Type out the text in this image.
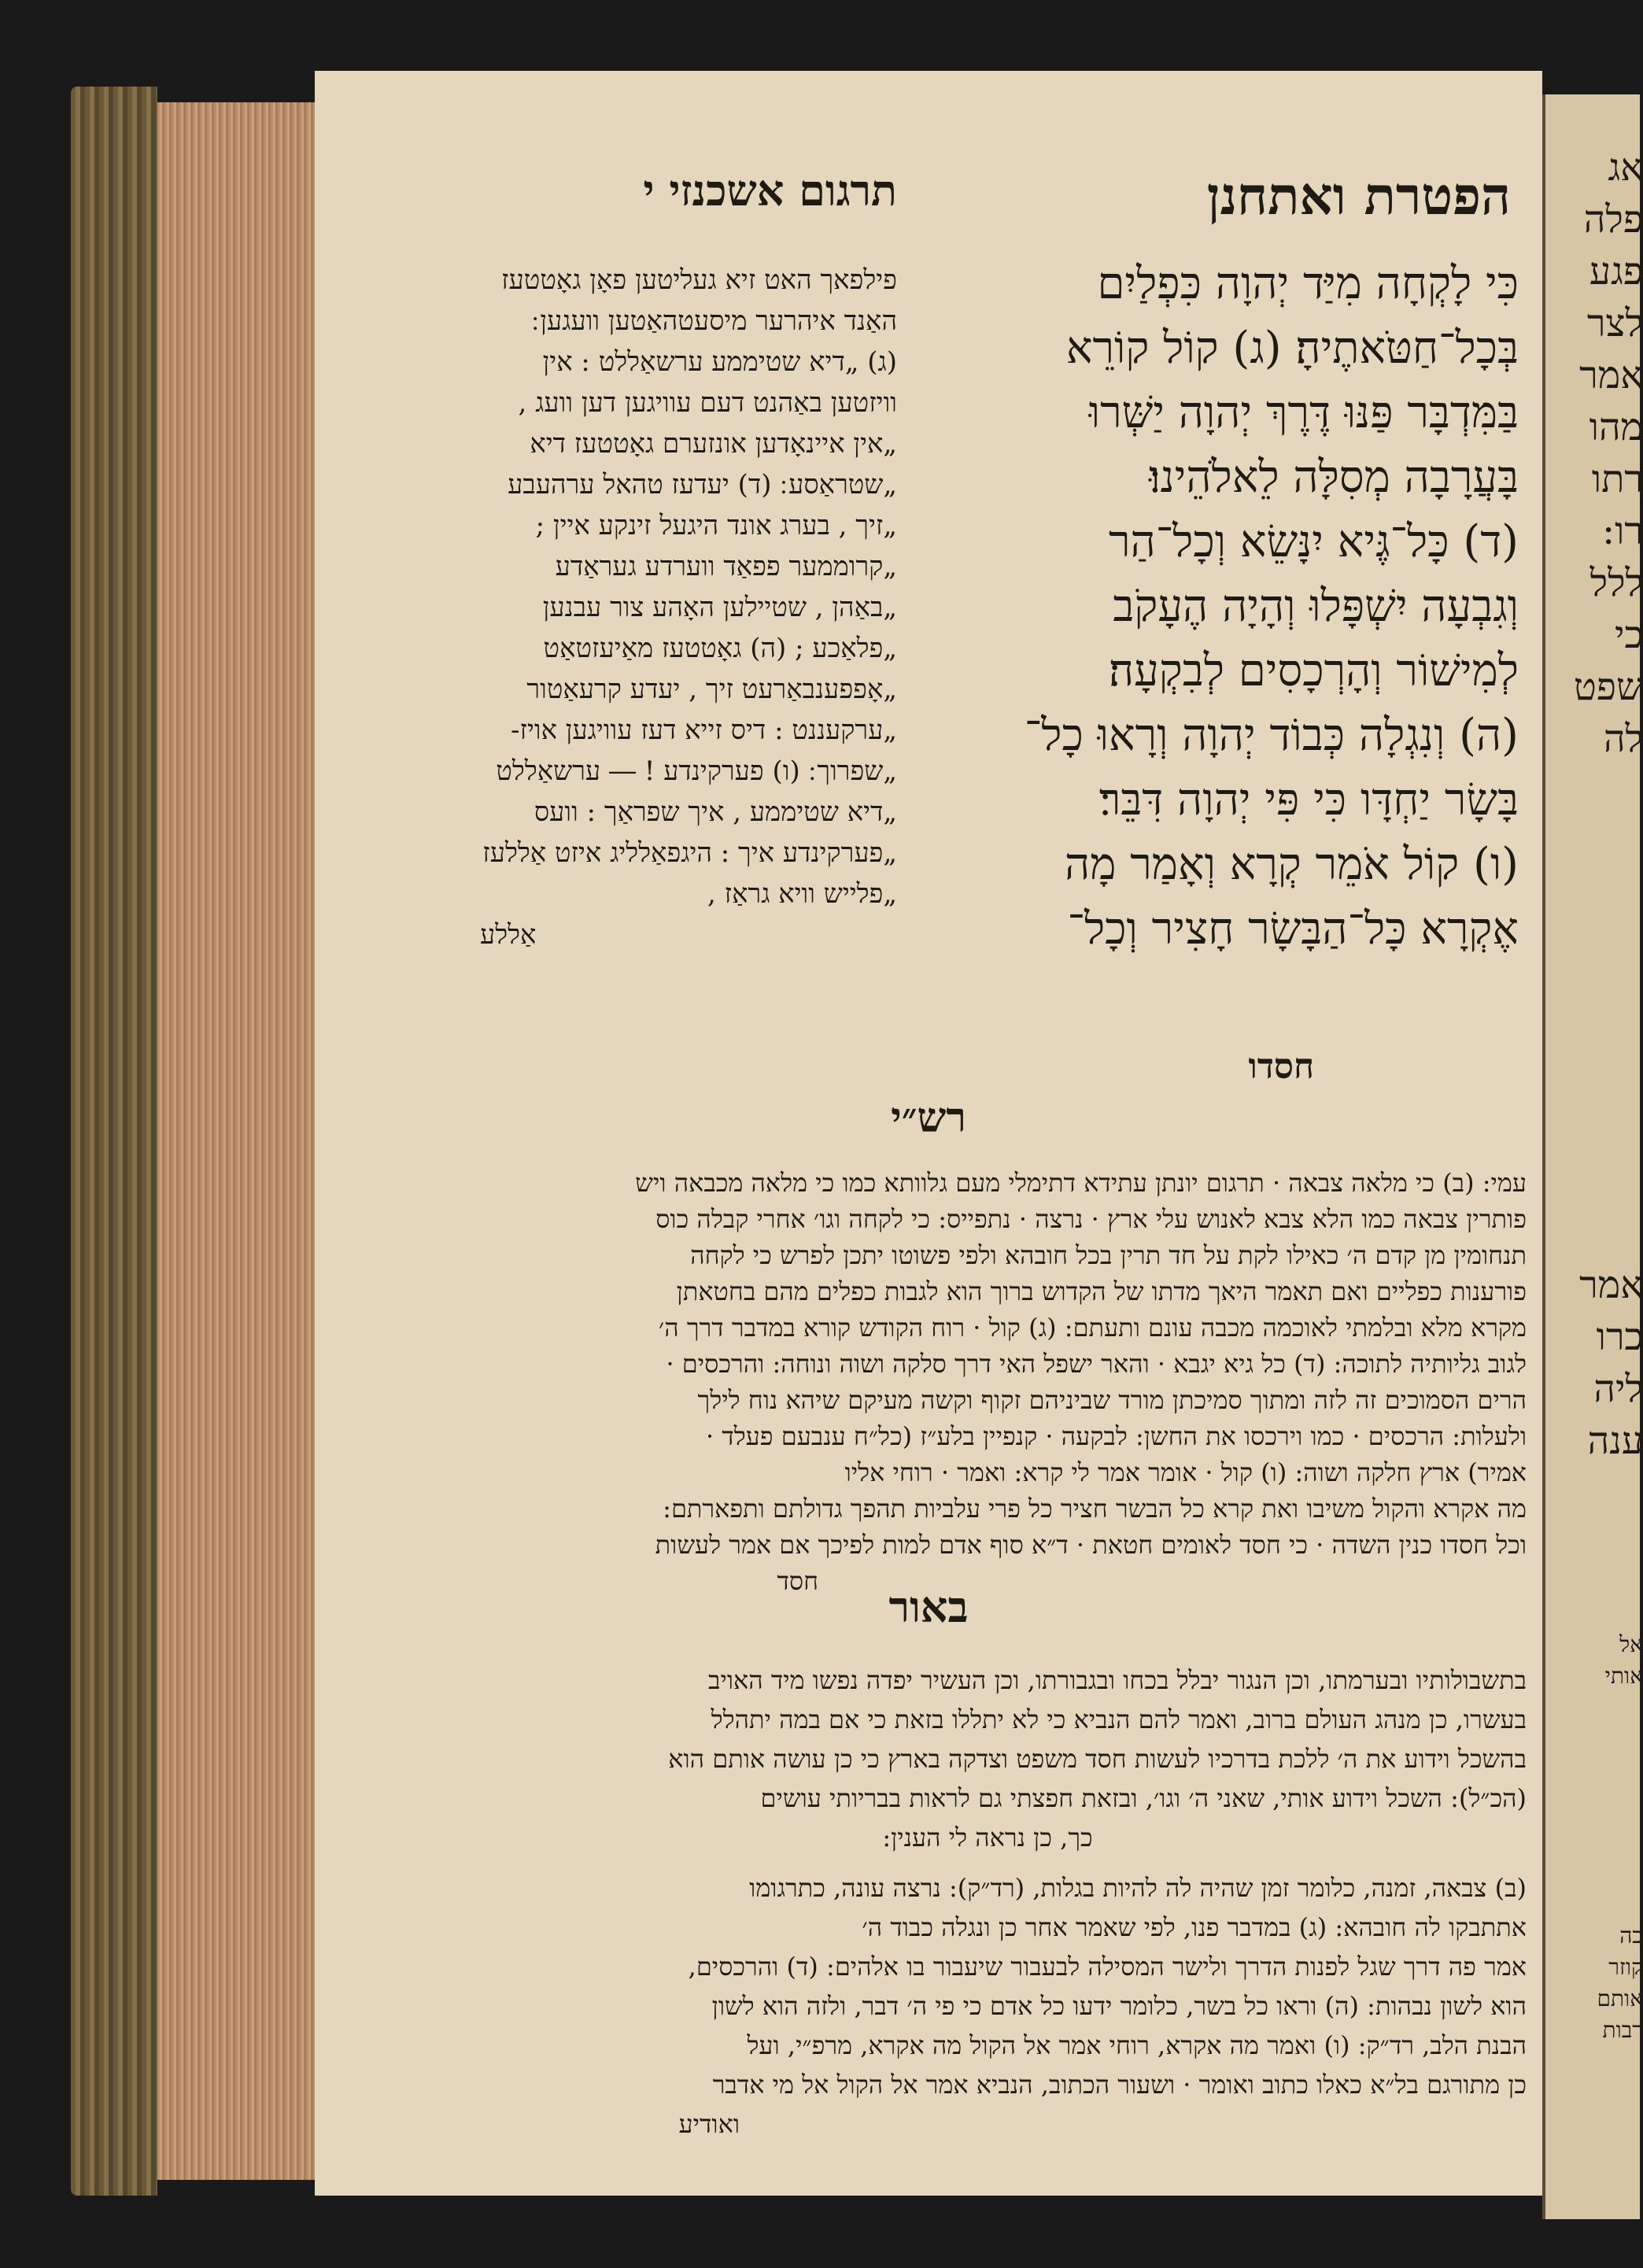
הפטרת ואתחנן
תרגום אשכנזי י
כִּי לָקְחָה מִיַּד יְהוָה כִּפְלַיִם
בְּכָל־חַטֹּאתֶיהָ׃ (ג) קוֹל קוֹרֵא
בַּמִּדְבָּר פַּנּוּ דֶּרֶךְ יְהוָה יַשְּׁרוּ
בָּעֲרָבָה מְסִלָּה לֵאלֹהֵינוּ׃
(ד) כָּל־גֶּיא יִנָּשֵׂא וְכָל־הַר
וְגִבְעָה יִשְׁפָּלוּ וְהָיָה הֶעָקֹב
לְמִישׁוֹר וְהָרְכָסִים לְבִקְעָה׃
(ה) וְנִגְלָה כְּבוֹד יְהוָה וְרָאוּ כָל־
בָּשָׂר יַחְדָּו כִּי פִּי יְהוָה דִּבֵּר׃
(ו) קוֹל אֹמֵר קְרָא וְאָמַר מָה
אֶקְרָא כָּל־הַבָּשָׂר חָצִיר וְכָל־
חסדו
פילפאך האט זיא געליטען פאָן גאָטטעז
האַנד איהרער מיסעטהאַטען וועגען ׃
(ג) „דיא שטיממע ערשאַללט : אין
וויזטען באַהנט דעם עוויגען דען וועג ,
„אין איינאָדען אונזערם גאָטטעז דיא
„שטראַסע ׃ (ד) יעדעז טהאל ערהעבע
„זיך , בערג אונד היגעל זינקע איין ;
„קרוממער פפאַד ווערדע געראַדע
„באַהן , שטיילען האָהע צור עבנען
„פלאַכע ; (ה) גאָטטעז מאַיעזטאַט
„אָפפענבאַרעט זיך , יעדע קרעאַטור
„ערקעננט : דיס זייא דעז עוויגען אויז-
„שפרוך ׃ (ו) פערקינדע ! ― ערשאַללט
„דיא שטיממע , איך שפראַך : וועס
„פערקינדע איך : היגפאַלליג איזט אַללעז
„פלייש וויא גראַז ,
אַללע
רש״י
עמי: (ב) כי מלאה צבאה · תרגום יונתן עתידא דתימלי מעם גלוותא כמו כי מלאה מכבאה ויש
פותרין צבאה כמו הלא צבא לאנוש עלי ארץ · נרצה · נתפייס: כי לקחה וגו׳ אחרי קבלה כוס
תנחומין מן קדם ה׳ כאילו לקת על חד תרין בכל חובהא ולפי פשוטו יתכן לפרש כי לקחה
פורענות כפליים ואם תאמר היאך מדתו של הקדוש ברוך הוא לגבות כפלים מהם בחטאתן
מקרא מלא ובלמתי לאוכמה מכבה עונם ותעתם: (ג) קול · רוח הקודש קורא במדבר דרך ה׳
לגוב גליותיה לתוכה: (ד) כל גיא יגבא · והאר ישפל האי דרך סלקה ושוה ונוחה: והרכסים ·
הרים הסמוכים זה לזה ומתוך סמיכתן מורד שביניהם זקוף וקשה מעיקם שיהא נוח לילך
ולעלות: הרכסים · כמו וירכסו את החשן: לבקעה · קנפיין בלע״ז (כל״ח ענבעם פעלד ·
אמיר) ארץ חלקה ושוה: (ו) קול · אומר אמר לי קרא: ואמר · רוחי אליו
מה אקרא והקול משיבו ואת קרא כל הבשר חציר כל פרי עלביות תהפך גדולתם ותפארתם:
וכל חסדו כנין השדה · כי חסד לאומים חטאת · ד״א סוף אדם למות לפיכך אם אמר לעשות
חסד
באור
בתשבולותיו ובערמתו, וכן הנגור יבלל בכחו ובגבורתו, וכן העשיר יפדה נפשו מיד האויב
בעשרו, כן מנהג העולם ברוב, ואמר להם הנביא כי לא יתללו בזאת כי אם במה יתהלל
בהשכל וידוע את ה׳ ללכת בדרכיו לעשות חסד משפט וצדקה בארץ כי כן עושה אותם הוא
(הכ״ל): השכל וידוע אותי, שאני ה׳ וגו׳, ובזאת חפצתי גם לראות בבריותי עושים
כך, כן נראה לי הענין:
(ב) צבאה, זמנה, כלומר זמן שהיה לה להיות בגלות, (רד״ק): נרצה עונה, כתרגומו
אתתבקו לה חובהא: (ג) במדבר פנו, לפי שאמר אחר כן ונגלה כבוד ה׳
אמר פה דרך שגל לפנות הדרך ולישר המסילה לבעבור שיעבור בו אלהים: (ד) והרכסים,
הוא לשון נבהות: (ה) וראו כל בשר, כלומר ידעו כל אדם כי פי ה׳ דבר, ולזה הוא לשון
הבנת הלב, רד״ק: (ו) ואמר מה אקרא, רוחי אמר אל הקול מה אקרא, מרפ״י, ועל
כן מתורגם בל״א כאלו כתוב ואומר · ושעור הכתוב, הנביא אמר אל הקול אל מי אדבר
ואודיע
אג
פלה
פגע
לצר
אמר
מהו
רתו
רו:
ללל
כי
שפט
לה
אמר
כרו
ליה
ענה
אל
אותי
כה
קוזר
אותם
רבות
